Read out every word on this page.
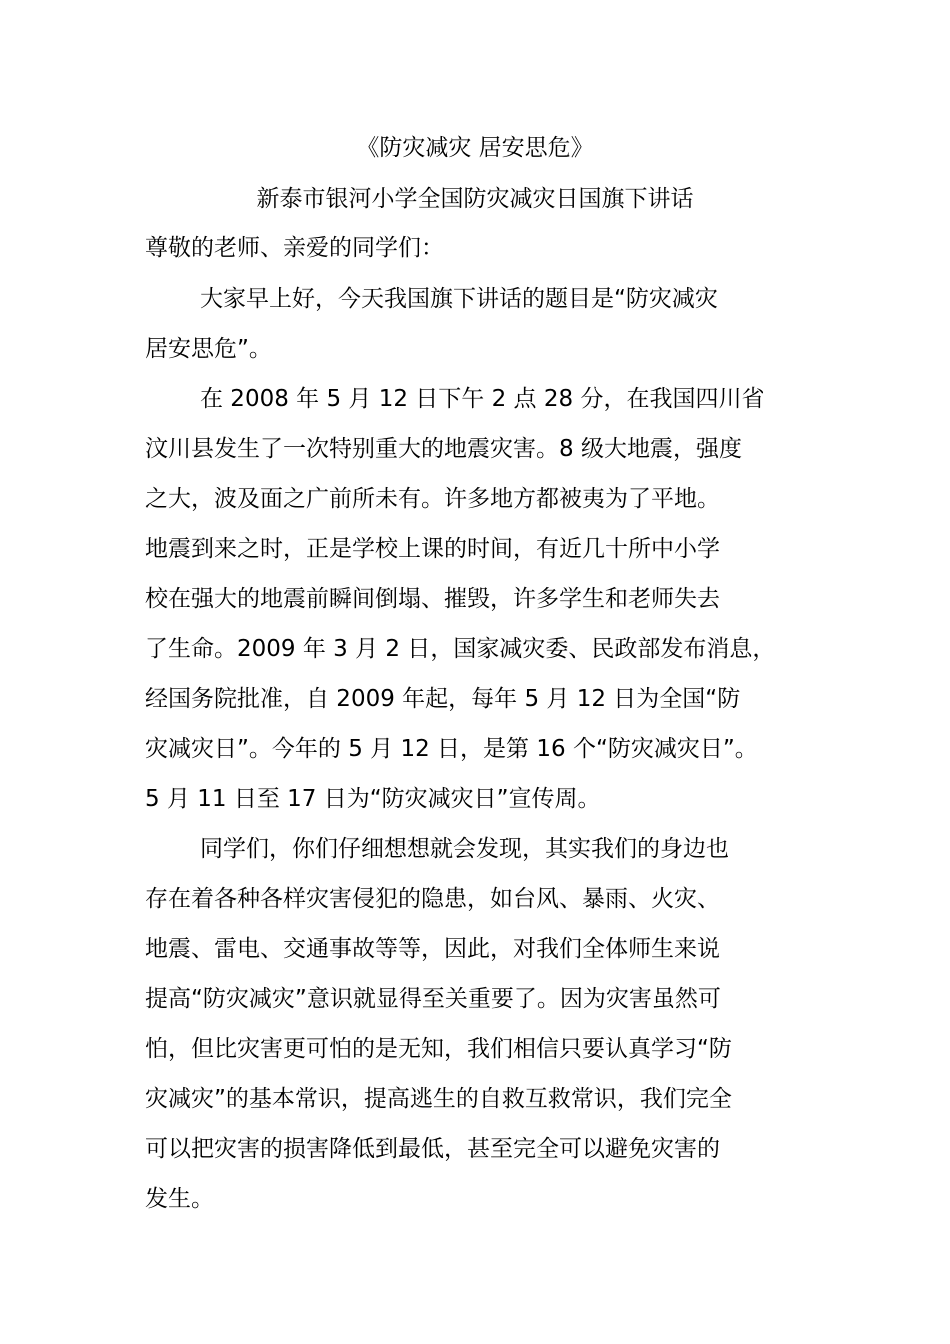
《防灾减灾 居安思危》
新泰市银河小学全国防灾减灾日国旗下讲话
尊敬的老师、亲爱的同学们：
大家早上好，今天我国旗下讲话的题目是“防灾减灾
居安思危”。
在 2008 年 5 月 12 日下午 2 点 28 分，在我国四川省
汶川县发生了一次特别重大的地震灾害。8 级大地震，强度
之大，波及面之广前所未有。许多地方都被夷为了平地。
地震到来之时，正是学校上课的时间，有近几十所中小学
校在强大的地震前瞬间倒塌、摧毁，许多学生和老师失去
了生命。2009 年 3 月 2 日，国家减灾委、民政部发布消息，
经国务院批准，自 2009 年起，每年 5 月 12 日为全国“防
灾减灾日”。今年的 5 月 12 日，是第 16 个“防灾减灾日”。
5 月 11 日至 17 日为“防灾减灾日”宣传周。
同学们，你们仔细想想就会发现，其实我们的身边也
存在着各种各样灾害侵犯的隐患，如台风、暴雨、火灾、
地震、雷电、交通事故等等，因此，对我们全体师生来说
提高“防灾减灾”意识就显得至关重要了。因为灾害虽然可
怕，但比灾害更可怕的是无知，我们相信只要认真学习“防
灾减灾”的基本常识，提高逃生的自救互救常识，我们完全
可以把灾害的损害降低到最低，甚至完全可以避免灾害的
发生。
